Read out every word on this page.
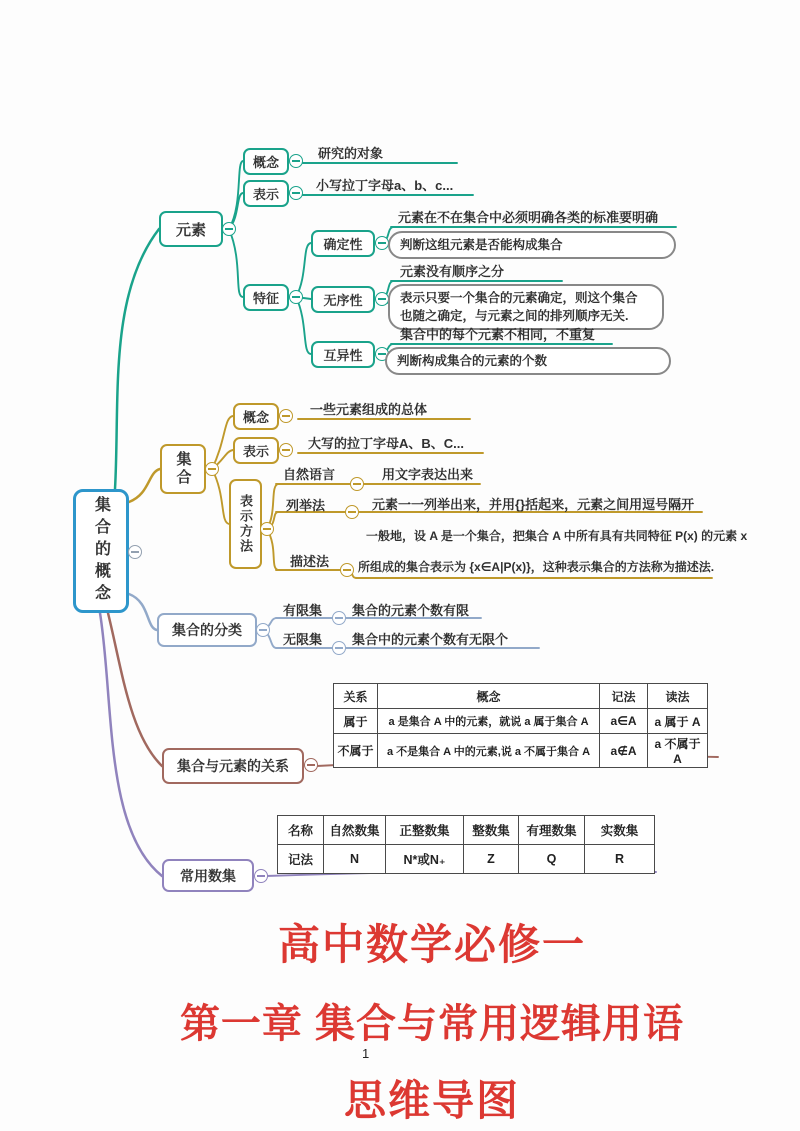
集合的概念
元素
概念
研究的对象
表示
小写拉丁字母a、b、c...
特征
确定性
元素在不在集合中必须明确各类的标准要明确
判断这组元素是否能构成集合
无序性
元素没有顺序之分
表示只要一个集合的元素确定，则这个集合
也随之确定，与元素之间的排列顺序无关.
互异性
集合中的每个元素不相同，不重复
判断构成集合的元素的个数
集合
概念
一些元素组成的总体
表示
大写的拉丁字母A、B、C...
表示方法
自然语言	用文字表达出来
列举法	元素一一列举出来，并用{}括起来，元素之间用逗号隔开
描述法
一般地，设 A 是一个集合，把集合 A 中所有具有共同特征 P(x) 的元素 x
所组成的集合表示为 {x∈A|P(x)}，这种表示集合的方法称为描述法.
集合的分类
有限集 集合的元素个数有限
无限集 集合中的元素个数有无限个
集合与元素的关系
关系	概念	记法	读法
属于	a 是集合 A 中的元素，就说 a 属于集合 A	a∈A	a 属于 A
不属于	a 不是集合 A 中的元素,说 a 不属于集合 A	a∉A	a 不属于 A
常用数集
名称	自然数集	正整数集	整数集	有理数集	实数集
记法	N	N*或N₊	Z	Q	R
高中数学必修一
第一章 集合与常用逻辑用语
思维导图
1
